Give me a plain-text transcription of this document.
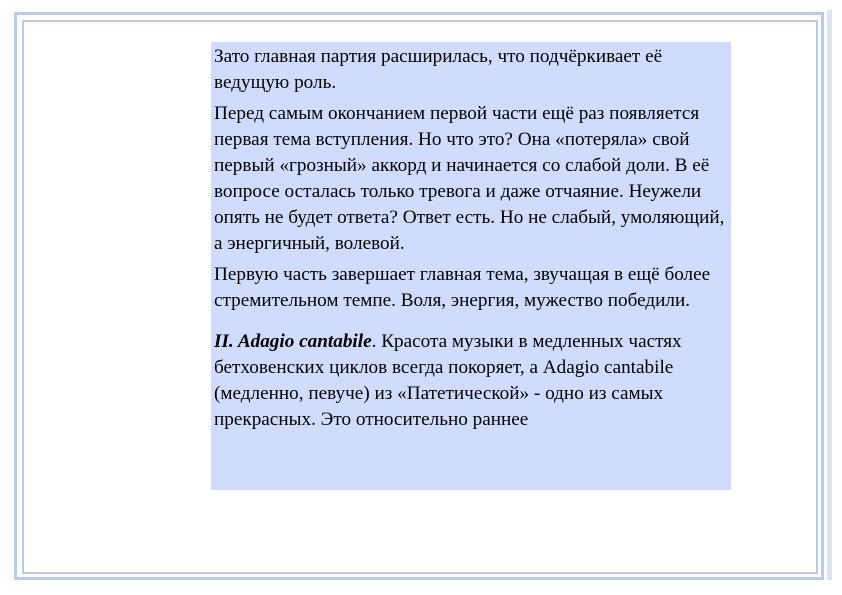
Зато главная партия расширилась, что подчёркивает её ведущую роль.

Перед самым окончанием первой части ещё раз появляется первая тема вступления. Но что это? Она «потеряла» свой первый «грозный» аккорд и начинается со слабой доли. В её вопросе осталась только тревога и даже отчаяние. Неужели опять не будет ответа? Ответ есть. Но не слабый, умоляющий, а энергичный, волевой.

Первую часть завершает главная тема, звучащая в ещё более стремительном темпе. Воля, энергия, мужество победили.

II. Adagio cantabile. Красота музыки в медленных частях бетховенских циклов всегда покоряет, а Adagio cantabile (медленно, певуче) из «Патетической» - одно из самых прекрасных. Это относительно раннее
